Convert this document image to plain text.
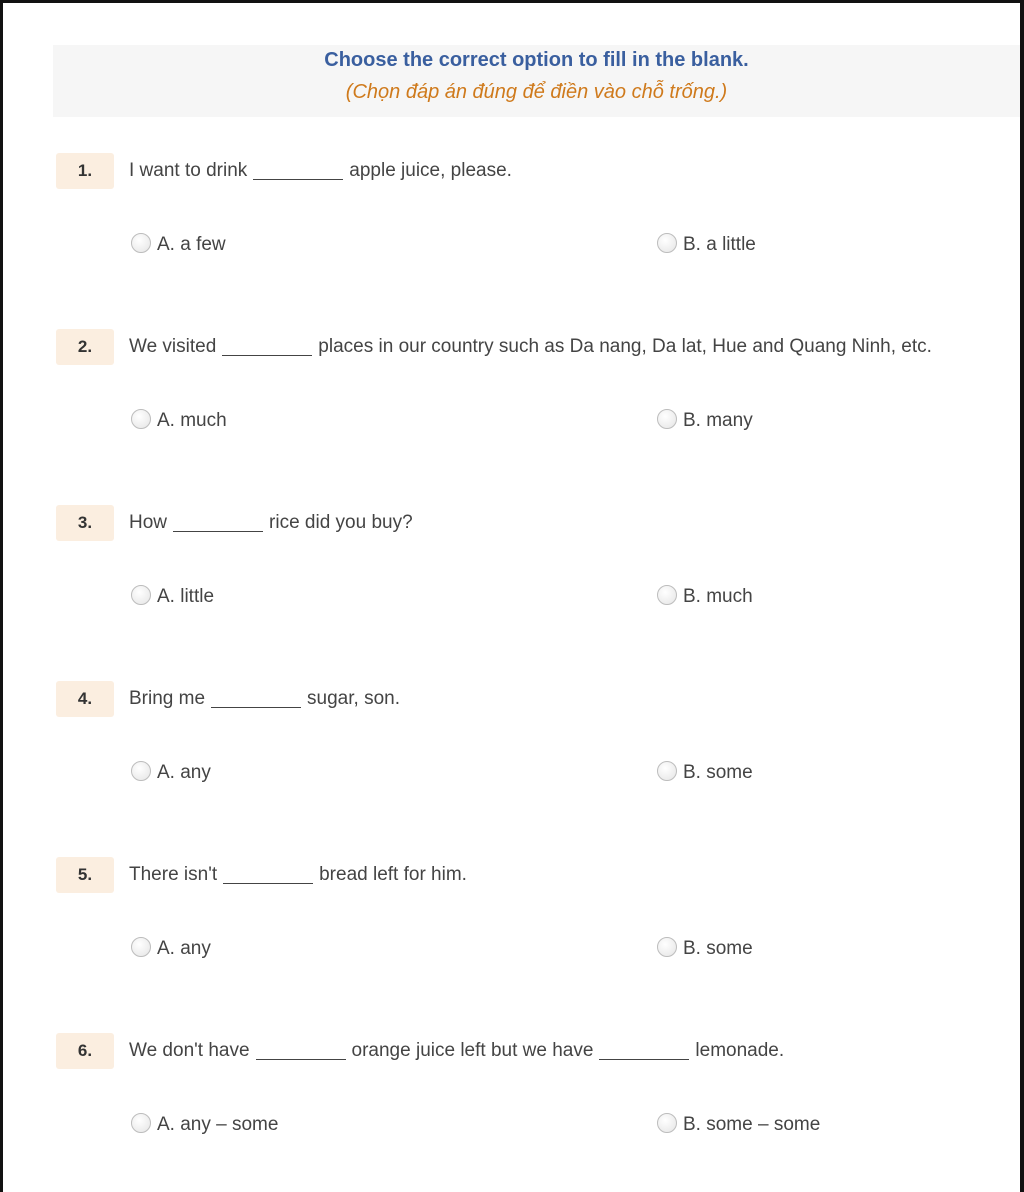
Choose the correct option to fill in the blank.
(Chọn đáp án đúng để điền vào chỗ trống.)
1.	I want to drink	apple juice, please.
A. a few	B. a little
2.	We visited	places in our country such as Da nang, Da lat, Hue and Quang Ninh, etc.
A. much	B. many
3.	How	rice did you buy?
A. little	B. much
4.	Bring me	sugar, son.
A. any	B. some
5.	There isn't	bread left for him.
A. any	B. some
6.	We don't have	orange juice left but we have	lemonade.
A. any – some	B. some – some
